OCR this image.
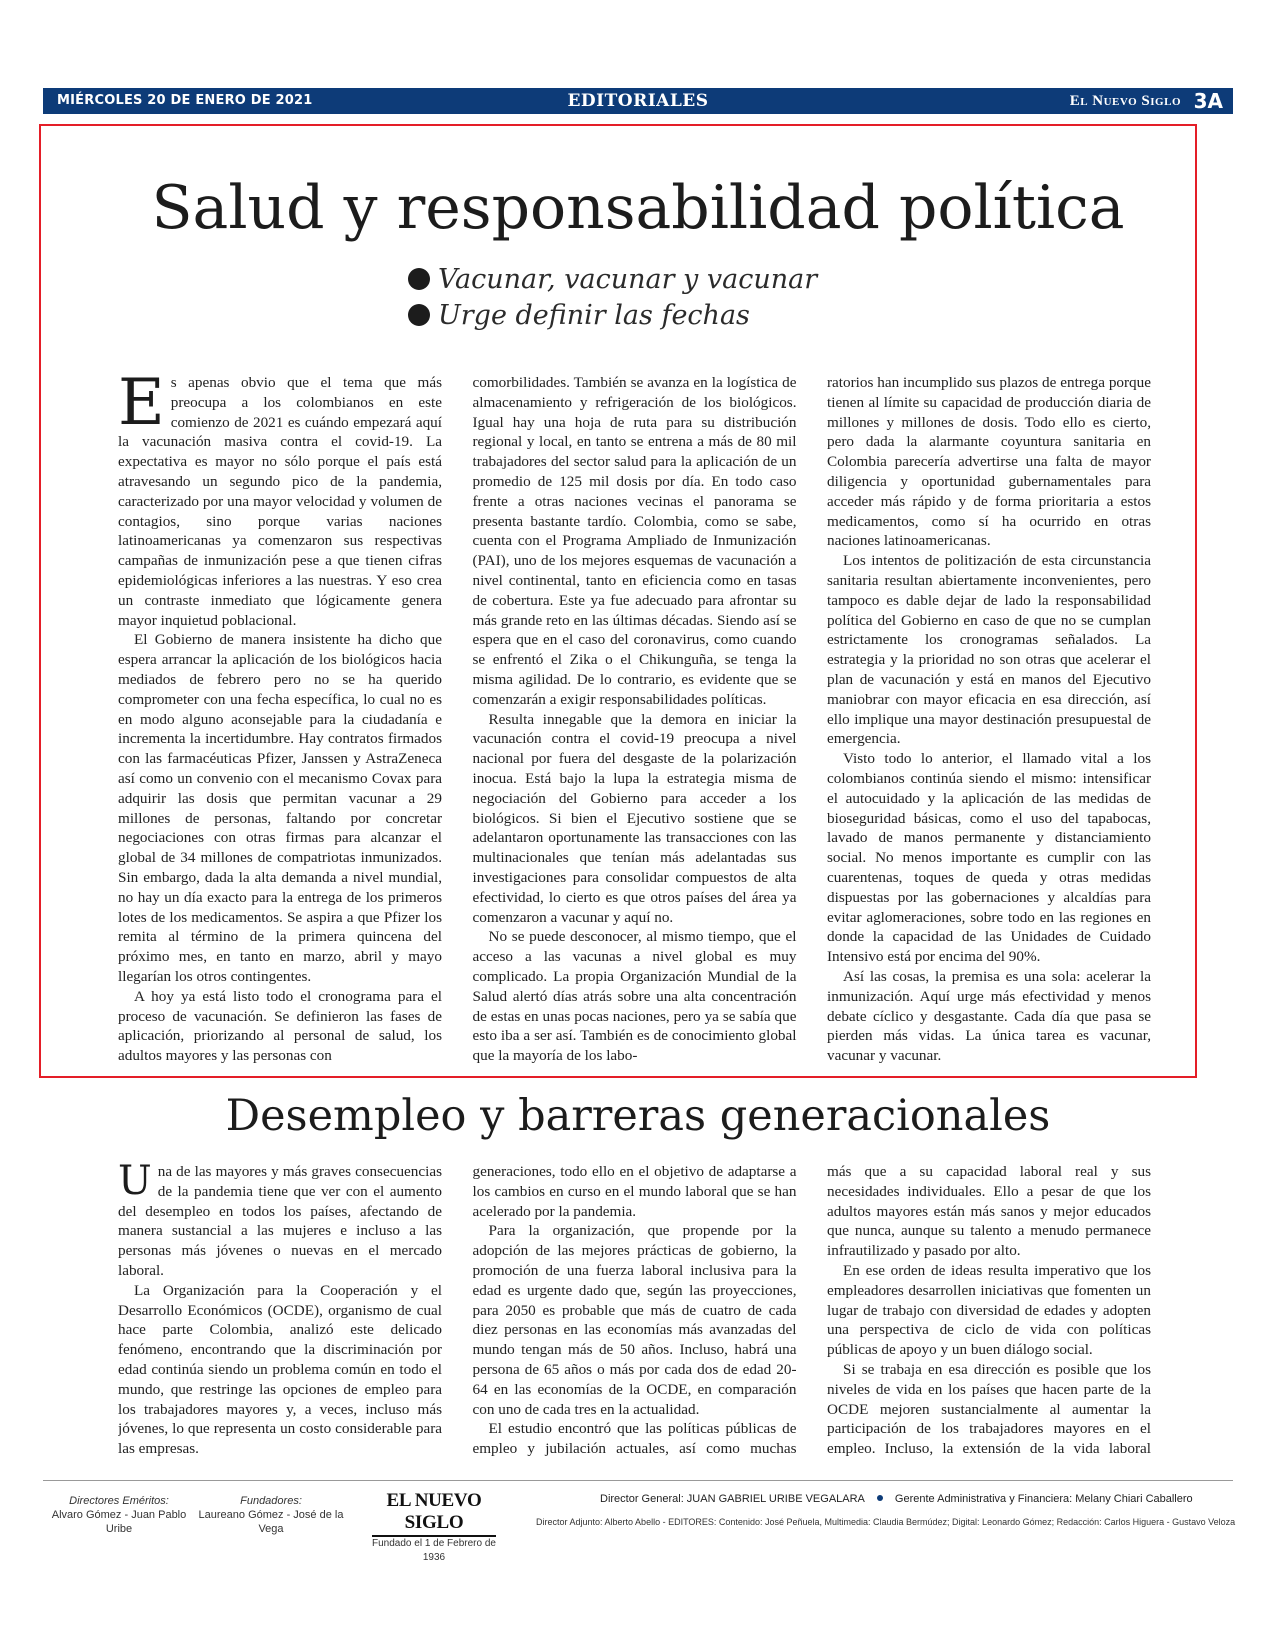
MIÉRCOLES 20 DE ENERO DE 2021	EDITORIALES	El Nuevo Siglo 3A
Salud y responsabilidad política
Vacunar, vacunar y vacunar
Urge definir las fechas

Es apenas obvio que el tema que más preocupa a los colombianos en este comienzo de 2021 es cuándo empezará aquí la vacunación masiva contra el covid-19. La expectativa es mayor no sólo porque el país está atravesando un segundo pico de la pandemia, caracterizado por una mayor velocidad y volumen de contagios, sino porque varias naciones latinoamericanas ya comenzaron sus respectivas campañas de inmunización pese a que tienen cifras epidemiológicas inferiores a las nuestras. Y eso crea un contraste inmediato que lógicamente genera mayor inquietud poblacional.

El Gobierno de manera insistente ha dicho que espera arrancar la aplicación de los biológicos hacia mediados de febrero pero no se ha querido comprometer con una fecha específica, lo cual no es en modo alguno aconsejable para la ciudadanía e incrementa la incertidumbre. Hay contratos firmados con las farmacéuticas Pfizer, Janssen y AstraZeneca así como un convenio con el mecanismo Covax para adquirir las dosis que permitan vacunar a 29 millones de personas, faltando por concretar negociaciones con otras firmas para alcanzar el global de 34 millones de compatriotas inmunizados. Sin embargo, dada la alta demanda a nivel mundial, no hay un día exacto para la entrega de los primeros lotes de los medicamentos. Se aspira a que Pfizer los remita al término de la primera quincena del próximo mes, en tanto en marzo, abril y mayo llegarían los otros contingentes.

A hoy ya está listo todo el cronograma para el proceso de vacunación. Se definieron las fases de aplicación, priorizando al personal de salud, los adultos mayores y las personas con

comorbilidades. También se avanza en la logística de almacenamiento y refrigeración de los biológicos. Igual hay una hoja de ruta para su distribución regional y local, en tanto se entrena a más de 80 mil trabajadores del sector salud para la aplicación de un promedio de 125 mil dosis por día. En todo caso frente a otras naciones vecinas el panorama se presenta bastante tardío. Colombia, como se sabe, cuenta con el Programa Ampliado de Inmunización (PAI), uno de los mejores esquemas de vacunación a nivel continental, tanto en eficiencia como en tasas de cobertura. Este ya fue adecuado para afrontar su más grande reto en las últimas décadas. Siendo así se espera que en el caso del coronavirus, como cuando se enfrentó el Zika o el Chikunguña, se tenga la misma agilidad. De lo contrario, es evidente que se comenzarán a exigir responsabilidades políticas.

Resulta innegable que la demora en iniciar la vacunación contra el covid-19 preocupa a nivel nacional por fuera del desgaste de la polarización inocua. Está bajo la lupa la estrategia misma de negociación del Gobierno para acceder a los biológicos. Si bien el Ejecutivo sostiene que se adelantaron oportunamente las transacciones con las multinacionales que tenían más adelantadas sus investigaciones para consolidar compuestos de alta efectividad, lo cierto es que otros países del área ya comenzaron a vacunar y aquí no.

No se puede desconocer, al mismo tiempo, que el acceso a las vacunas a nivel global es muy complicado. La propia Organización Mundial de la Salud alertó días atrás sobre una alta concentración de estas en unas pocas naciones, pero ya se sabía que esto iba a ser así. También es de conocimiento global que la mayoría de los labo-

ratorios han incumplido sus plazos de entrega porque tienen al límite su capacidad de producción diaria de millones y millones de dosis. Todo ello es cierto, pero dada la alarmante coyuntura sanitaria en Colombia parecería advertirse una falta de mayor diligencia y oportunidad gubernamentales para acceder más rápido y de forma prioritaria a estos medicamentos, como sí ha ocurrido en otras naciones latinoamericanas.

Los intentos de politización de esta circunstancia sanitaria resultan abiertamente inconvenientes, pero tampoco es dable dejar de lado la responsabilidad política del Gobierno en caso de que no se cumplan estrictamente los cronogramas señalados. La estrategia y la prioridad no son otras que acelerar el plan de vacunación y está en manos del Ejecutivo maniobrar con mayor eficacia en esa dirección, así ello implique una mayor destinación presupuestal de emergencia.

Visto todo lo anterior, el llamado vital a los colombianos continúa siendo el mismo: intensificar el autocuidado y la aplicación de las medidas de bioseguridad básicas, como el uso del tapabocas, lavado de manos permanente y distanciamiento social. No menos importante es cumplir con las cuarentenas, toques de queda y otras medidas dispuestas por las gobernaciones y alcaldías para evitar aglomeraciones, sobre todo en las regiones en donde la capacidad de las Unidades de Cuidado Intensivo está por encima del 90%.

Así las cosas, la premisa es una sola: acelerar la inmunización. Aquí urge más efectividad y menos debate cíclico y desgastante. Cada día que pasa se pierden más vidas. La única tarea es vacunar, vacunar y vacunar.

Desempleo y barreras generacionales

Una de las mayores y más graves consecuencias de la pandemia tiene que ver con el aumento del desempleo en todos los países, afectando de manera sustancial a las mujeres e incluso a las personas más jóvenes o nuevas en el mercado laboral.

La Organización para la Cooperación y el Desarrollo Económicos (OCDE), organismo de cual hace parte Colombia, analizó este delicado fenómeno, encontrando que la discriminación por edad continúa siendo un problema común en todo el mundo, que restringe las opciones de empleo para los trabajadores mayores y, a veces, incluso más jóvenes, lo que representa un costo considerable para las empresas.

generaciones, todo ello en el objetivo de adaptarse a los cambios en curso en el mundo laboral que se han acelerado por la pandemia.

Para la organización, que propende por la adopción de las mejores prácticas de gobierno, la promoción de una fuerza laboral inclusiva para la edad es urgente dado que, según las proyecciones, para 2050 es probable que más de cuatro de cada diez personas en las economías más avanzadas del mundo tengan más de 50 años. Incluso, habrá una persona de 65 años o más por cada dos de edad 20-64 en las economías de la OCDE, en comparación con uno de cada tres en la actualidad.

El estudio encontró que las políticas públicas de empleo y jubilación actuales, así como muchas

más que a su capacidad laboral real y sus necesidades individuales. Ello a pesar de que los adultos mayores están más sanos y mejor educados que nunca, aunque su talento a menudo permanece infrautilizado y pasado por alto.

En ese orden de ideas resulta imperativo que los empleadores desarrollen iniciativas que fomenten un lugar de trabajo con diversidad de edades y adopten una perspectiva de ciclo de vida con políticas públicas de apoyo y un buen diálogo social.

Si se trabaja en esa dirección es posible que los niveles de vida en los países que hacen parte de la OCDE mejoren sustancialmente al aumentar la participación de los trabajadores mayores en el empleo. Incluso, la extensión de la vida laboral

Directores Eméritos:
Alvaro Gómez - Juan Pablo Uribe
Fundadores:
Laureano Gómez - José de la Vega
EL NUEVO SIGLO
Fundado el 1 de Febrero de 1936
Director General: JUAN GABRIEL URIBE VEGALARA	Gerente Administrativa y Financiera: Melany Chiari Caballero
Director Adjunto: Alberto Abello - EDITORES: Contenido: José Peñuela, Multimedia: Claudia Bermúdez; Digital: Leonardo Gómez; Redacción: Carlos Higuera - Gustavo Veloza
